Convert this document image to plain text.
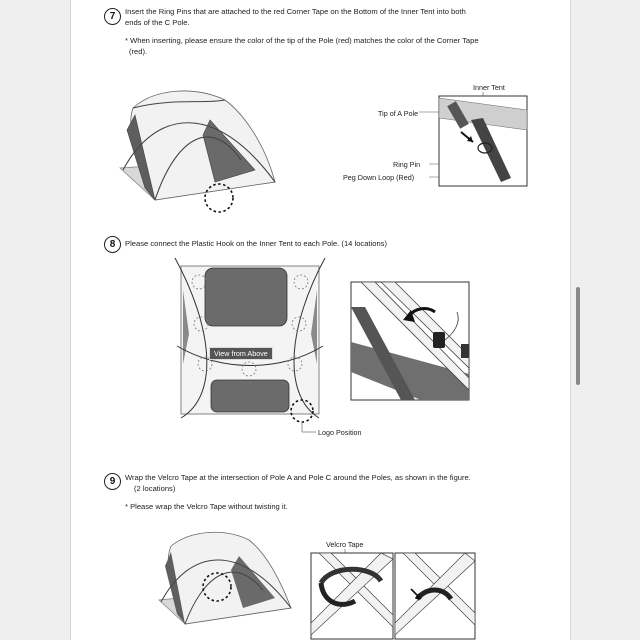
7	Insert the Ring Pins that are attached to the red Corner Tape on the Bottom of the Inner Tent into both
ends of the C Pole.
* When inserting, please ensure the color of the tip of the Pole (red) matches the color of the Corner Tape
(red).
Inner Tent
Tip of A Pole
Ring Pin
Peg Down Loop (Red)
8	Please connect the Plastic Hook on the Inner Tent to each Pole. (14 locations)
View from Above
Logo Position
9	Wrap the Velcro Tape at the intersection of Pole A and Pole C around the Poles, as shown in the figure.
(2 locations)
* Please wrap the Velcro Tape without twisting it.
Velcro Tape
